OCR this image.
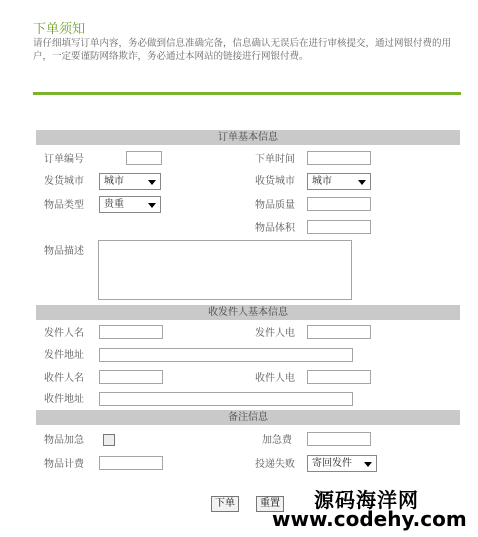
下单须知
请仔细填写订单内容，务必做到信息准确完备，信息确认无误后在进行审核提交，通过网银付费的用户，一定要谨防网络欺诈，务必通过本网站的链接进行网银付费。
订单基本信息
订单编号	下单时间
发货城市	城市	收货城市	城市
物品类型	贵重	物品质量
物品体积
物品描述
收发件人基本信息
发件人名	发件人电
发件地址
收件人名	收件人电
收件地址
备注信息
物品加急	加急费
物品计费	投递失败	寄回发件
下单	重置 源码海洋网
www.codehy.com
